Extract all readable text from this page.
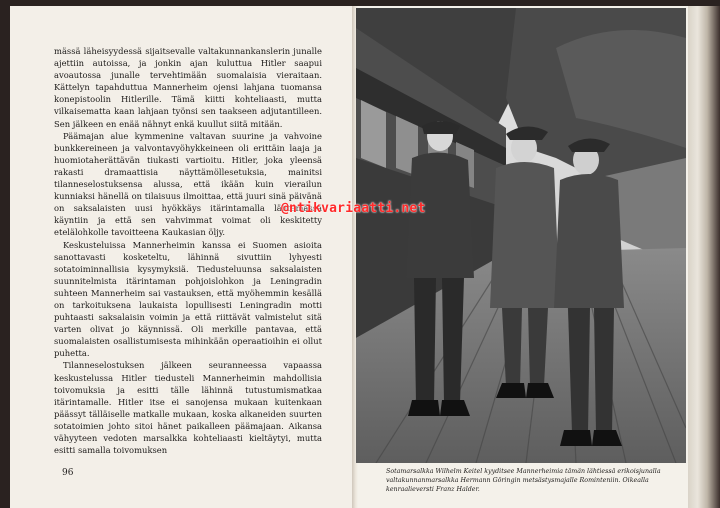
mässä läheisyydessä sijaitsevalle valtakunnankanslerin junalle ajettiin autoissa, ja jonkin ajan kuluttua Hitler saapui avoautossa junalle tervehtimään suomalaisia vieraitaan. Kättelyn tapahduttua Mannerheim ojensi lahjana tuomansa konepistoolin Hitlerille. Tämä kiitti kohteliaasti, mutta vilkaisematta kaan lahjaan työnsi sen taakseen adjutantilleen. Sen jälkeen en enää nähnyt enkä kuullut siitä mitään.

Päämajan alue kymmenine valtavan suurine ja vahvoine bunkkereineen ja valvontavyöhykkeineen oli erittäin laaja ja huomiotaherättävän tiukasti vartioitu. Hitler, joka yleensä rakasti dramaattisia näyttämöllesetuksia, mainitsi tilanneselostuksensa alussa, että ikään kuin vierailun kunniaksi hänellä on tilaisuus ilmoittaa, että juuri sinä päivänä on saksalaisten uusi hyökkäys itärintamalla lähtemässä käyntiin ja että sen vahvimmat voimat oli keskitetty etelälohkolle tavoitteena Kaukasian öljy.

Keskusteluissa Mannerheimin kanssa ei Suomen asioita sanottavasti kosketeltu, lähinnä sivuttiin lyhyesti sotatoiminnallisia kysymyksiä. Tiedusteluunsa saksalaisten suunnitelmista itärintaman pohjoislohkon ja Leningradin suhteen Mannerheim sai vastauksen, että myöhemmin kesällä on tarkoituksena laukaista lopullisesti Leningradin motti puhtaasti saksalaisin voimin ja että riittävät valmistelut sitä varten olivat jo käynnissä. Oli merkille pantavaa, että suomalaisten osallistumisesta mihinkään operaatioihin ei ollut puhetta.

Tilanneselostuksen jälkeen seuranneessa vapaassa keskustelussa Hitler tiedusteli Mannerheimin mahdollisia toivomuksia ja esitti tälle lähinnä tutustumismatkaa itärintamalle. Hitler itse ei sanojensa mukaan kuitenkaan päässyt tälläiselle matkalle mukaan, koska alkaneiden suurten sotatoimien johto sitoi hänet paikalleen päämajaan. Aikansa vähyyteen vedoten marsalkka kohteliaasti kieltäytyi, mutta esitti samalla toivomuksen

96	Sotamarsalkka Wilhelm Keitel kyyditsee Mannerheimia tämän lähtiessä erikoisjunalla valtakunnanmarsalkka Hermann Göringin metsästysmajalle Rominteniin. Oikealla kenraalieversti Franz Halder.
@ntikvariaatti.net
